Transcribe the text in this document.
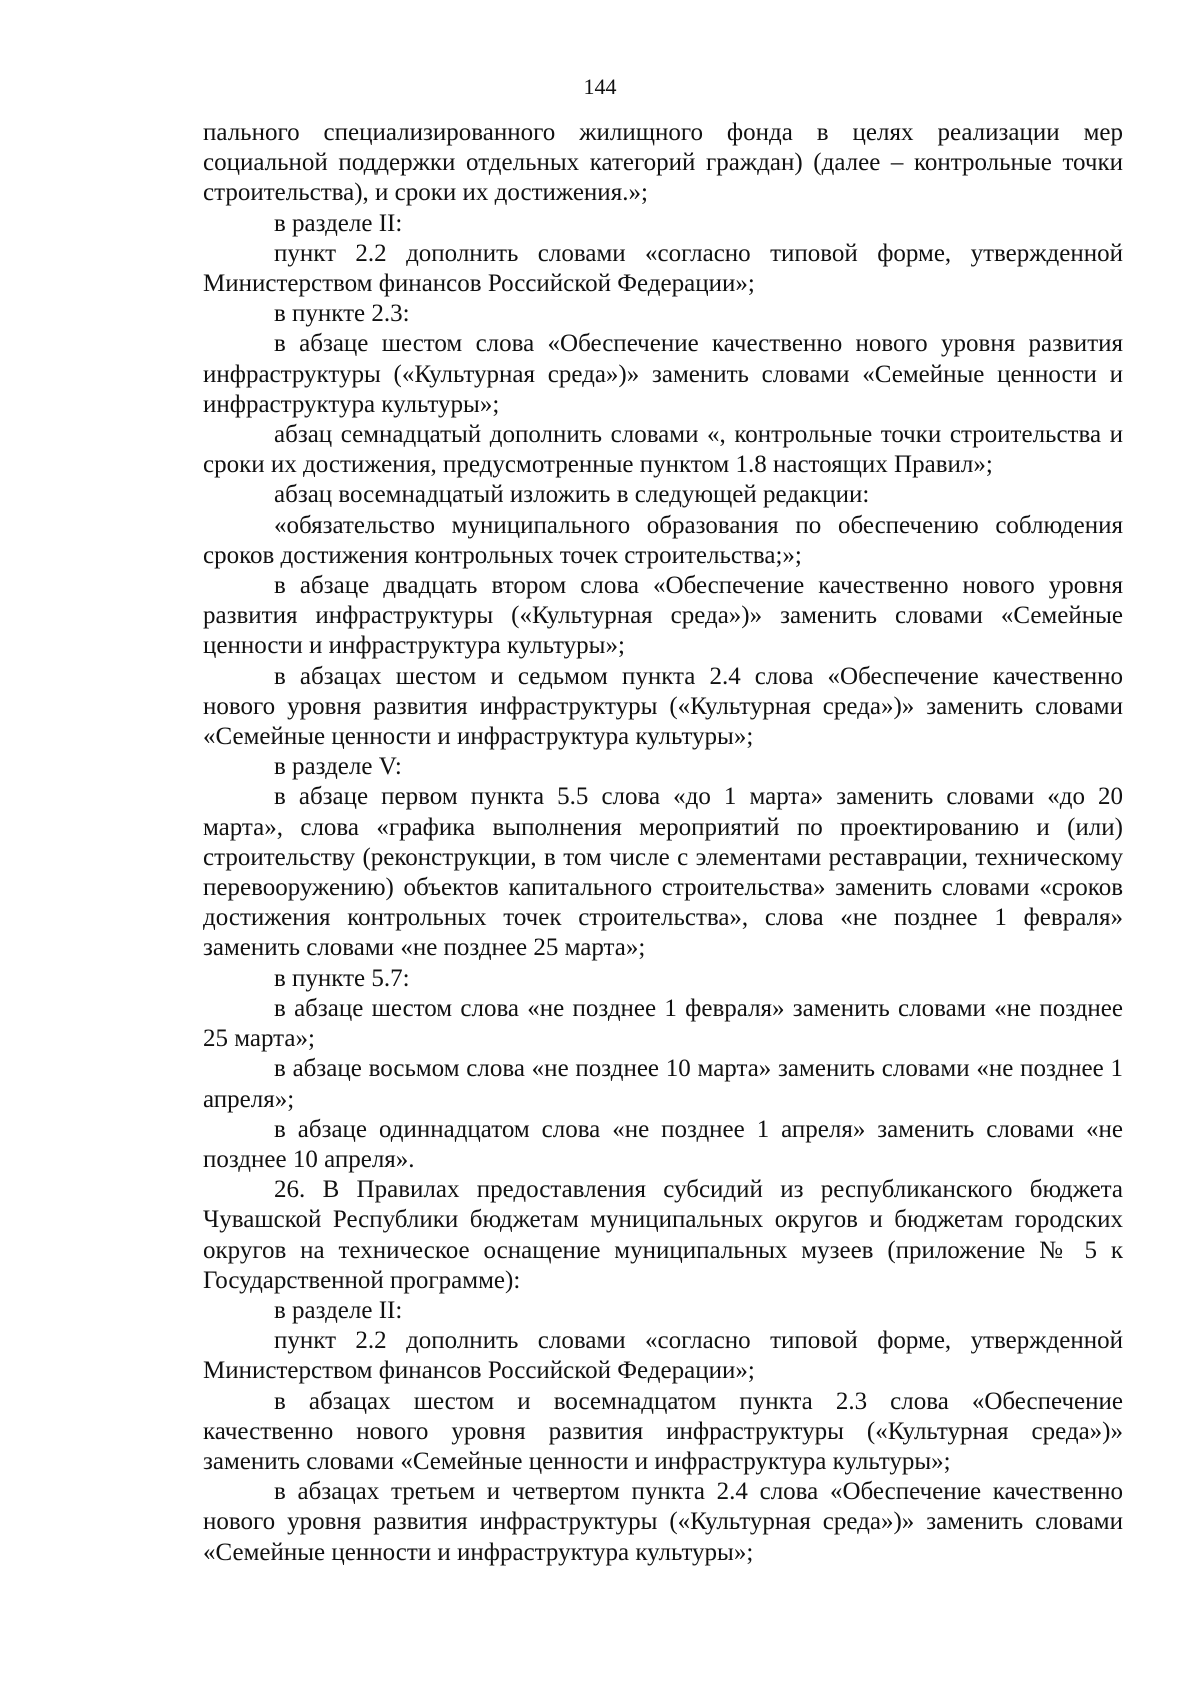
144

пального специализированного жилищного фонда в целях реализации мер социальной поддержки отдельных категорий граждан) (далее – контрольные точки строительства), и сроки их достижения.»;

в разделе II:

пункт 2.2 дополнить словами «согласно типовой форме, утвержденной Министерством финансов Российской Федерации»;

в пункте 2.3:

в абзаце шестом слова «Обеспечение качественно нового уровня развития инфраструктуры («Культурная среда»)» заменить словами «Семейные ценности и инфраструктура культуры»;

абзац семнадцатый дополнить словами «, контрольные точки строительства и сроки их достижения, предусмотренные пунктом 1.8 настоящих Правил»;

абзац восемнадцатый изложить в следующей редакции:

«обязательство муниципального образования по обеспечению соблюдения сроков достижения контрольных точек строительства;»;

в абзаце двадцать втором слова «Обеспечение качественно нового уровня развития инфраструктуры («Культурная среда»)» заменить словами «Семейные ценности и инфраструктура культуры»;

в абзацах шестом и седьмом пункта 2.4 слова «Обеспечение качественно нового уровня развития инфраструктуры («Культурная среда»)» заменить словами «Семейные ценности и инфраструктура культуры»;

в разделе V:

в абзаце первом пункта 5.5 слова «до 1 марта» заменить словами «до 20 марта», слова «графика выполнения мероприятий по проектированию и (или) строительству (реконструкции, в том числе с элементами реставрации, техническому перевооружению) объектов капитального строительства» заменить словами «сроков достижения контрольных точек строительства», слова «не позднее 1 февраля» заменить словами «не позднее 25 марта»;

в пункте 5.7:

в абзаце шестом слова «не позднее 1 февраля» заменить словами «не позднее 25 марта»;

в абзаце восьмом слова «не позднее 10 марта» заменить словами «не позднее 1 апреля»;

в абзаце одиннадцатом слова «не позднее 1 апреля» заменить словами «не позднее 10 апреля».

26. В Правилах предоставления субсидий из республиканского бюджета Чувашской Республики бюджетам муниципальных округов и бюджетам городских округов на техническое оснащение муниципальных музеев (приложение № 5 к Государственной программе):

в разделе II:

пункт 2.2 дополнить словами «согласно типовой форме, утвержденной Министерством финансов Российской Федерации»;

в абзацах шестом и восемнадцатом пункта 2.3 слова «Обеспечение качественно нового уровня развития инфраструктуры («Культурная среда»)» заменить словами «Семейные ценности и инфраструктура культуры»;

в абзацах третьем и четвертом пункта 2.4 слова «Обеспечение качественно нового уровня развития инфраструктуры («Культурная среда»)» заменить словами «Семейные ценности и инфраструктура культуры»;
